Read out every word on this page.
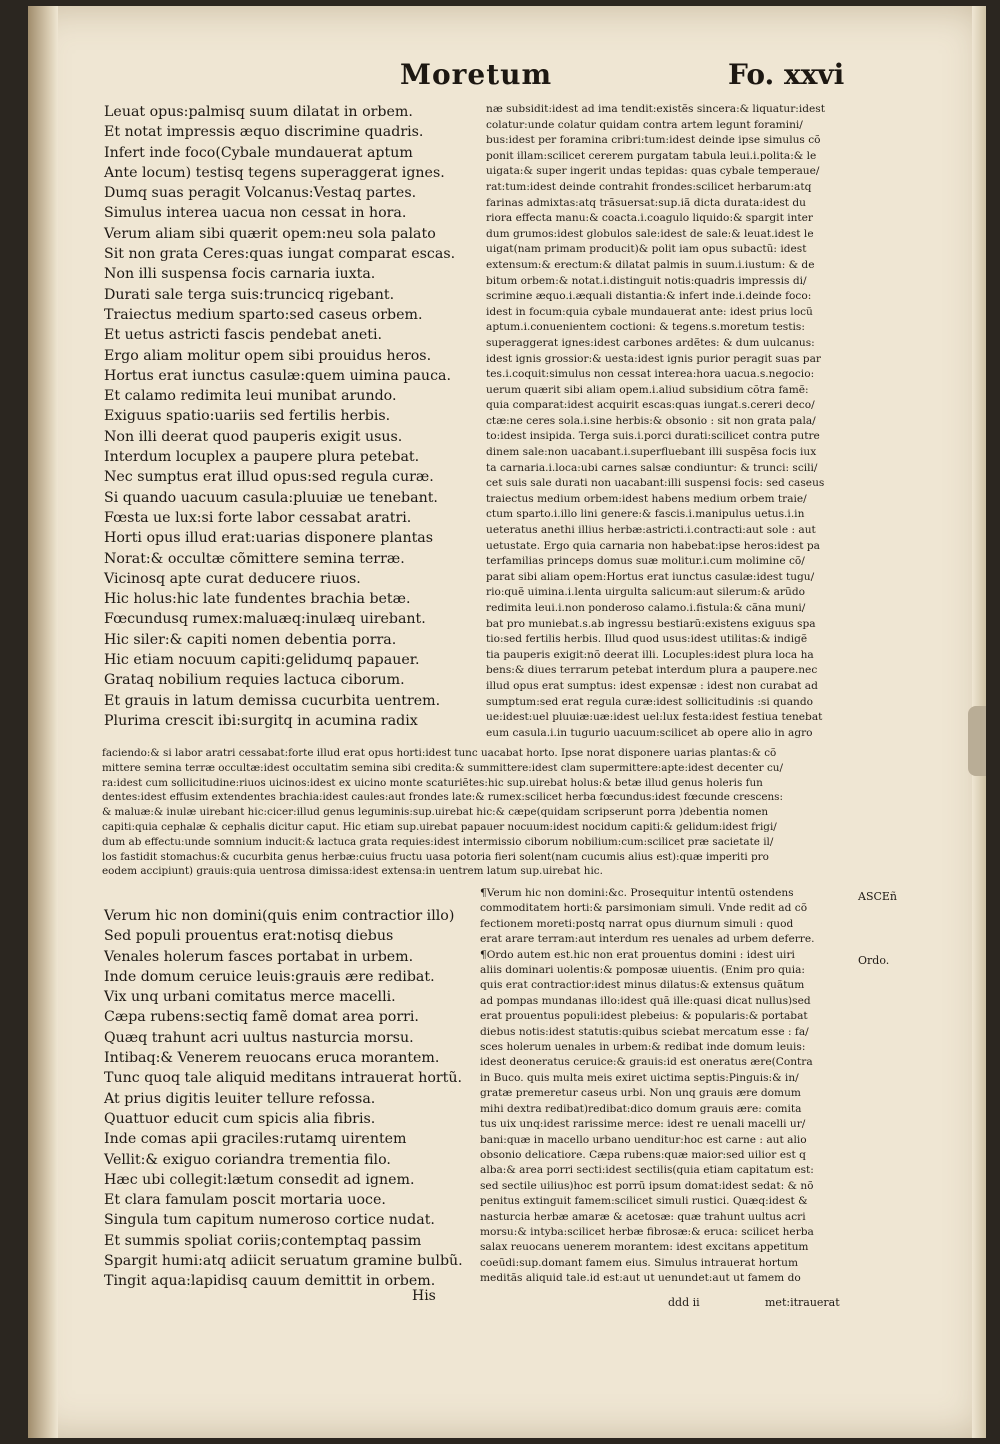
Moretum	Fo. xxvi
Leuat opus:palmisq suum dilatat in orbem.
Et notat impressis æquo discrimine quadris.
Infert inde foco(Cybale mundauerat aptum
Ante locum) testisq tegens superaggerat ignes.
Dumq suas peragit Volcanus:Vestaq partes.
Simulus interea uacua non cessat in hora.
Verum aliam sibi quærit opem:neu sola palato
Sit non grata Ceres:quas iungat comparat escas.
Non illi suspensa focis carnaria iuxta.
Durati sale terga suis:truncicq rigebant.
Traiectus medium sparto:sed caseus orbem.
Et uetus astricti fascis pendebat aneti.
Ergo aliam molitur opem sibi prouidus heros.
Hortus erat iunctus casulæ:quem uimina pauca.
Et calamo redimita leui munibat arundo.
Exiguus spatio:uariis sed fertilis herbis.
Non illi deerat quod pauperis exigit usus.
Interdum locuplex a paupere plura petebat.
Nec sumptus erat illud opus:sed regula curæ.
Si quando uacuum casula:pluuiæ ue tenebant.
Fœsta ue lux:si forte labor cessabat aratri.
Horti opus illud erat:uarias disponere plantas
Norat:& occultæ cõmittere semina terræ.
Vicinosq apte curat deducere riuos.
Hic holus:hic late fundentes brachia betæ.
Fœcundusq rumex:maluæq:inulæq uirebant.
Hic siler:& capiti nomen debentia porra.
Hic etiam nocuum capiti:gelidumq papauer.
Grataq nobilium requies lactuca ciborum.
Et grauis in latum demissa cucurbita uentrem.
Plurima crescit ibi:surgitq in acumina radix
næ subsidit:idest ad ima tendit:existẽs sincera:& liquatur:idest
colatur:unde colatur quidam contra artem legunt foramini/
bus:idest per foramina cribri:tum:idest deinde ipse simulus cõ
ponit illam:scilicet cererem purgatam tabula leui.i.polita:& le
uigata:& super ingerit undas tepidas: quas cybale temperaue/
rat:tum:idest deinde contrahit frondes:scilicet herbarum:atq
farinas admixtas:atq trãsuersat:sup.iã dicta durata:idest du
riora effecta manu:& coacta.i.coagulo liquido:& spargit inter
dum grumos:idest globulos sale:idest de sale:& leuat.idest le
uigat(nam primam producit)& polit iam opus subactũ: idest
extensum:& erectum:& dilatat palmis in suum.i.iustum: & de
bitum orbem:& notat.i.distinguit notis:quadris impressis di/
scrimine æquo.i.æquali distantia:& infert inde.i.deinde foco:
idest in focum:quia cybale mundauerat ante: idest prius locũ
aptum.i.conuenientem coctioni: & tegens.s.moretum testis:
superaggerat ignes:idest carbones ardẽtes: & dum uulcanus:
idest ignis grossior:& uesta:idest ignis purior peragit suas par
tes.i.coquit:simulus non cessat interea:hora uacua.s.negocio:
uerum quærit sibi aliam opem.i.aliud subsidium cõtra famẽ:
quia comparat:idest acquirit escas:quas iungat.s.cereri deco/
ctæ:ne ceres sola.i.sine herbis:& obsonio : sit non grata pala/
to:idest insipida. Terga suis.i.porci durati:scilicet contra putre
dinem sale:non uacabant.i.superfluebant illi suspẽsa focis iux
ta carnaria.i.loca:ubi carnes salsæ condiuntur: & trunci: scili/
cet suis sale durati non uacabant:illi suspensi focis: sed caseus
traiectus medium orbem:idest habens medium orbem traie/
ctum sparto.i.illo lini genere:& fascis.i.manipulus uetus.i.in
ueteratus anethi illius herbæ:astricti.i.contracti:aut sole : aut
uetustate. Ergo quia carnaria non habebat:ipse heros:idest pa
terfamilias princeps domus suæ molitur.i.cum molimine cõ/
parat sibi aliam opem:Hortus erat iunctus casulæ:idest tugu/
rio:quẽ uimina.i.lenta uirgulta salicum:aut silerum:& arũdo
redimita leui.i.non ponderoso calamo.i.fistula:& cãna muni/
bat pro muniebat.s.ab ingressu bestiarũ:existens exiguus spa
tio:sed fertilis herbis. Illud quod usus:idest utilitas:& indigẽ
tia pauperis exigit:nõ deerat illi. Locuples:idest plura loca ha
bens:& diues terrarum petebat interdum plura a paupere.nec
illud opus erat sumptus: idest expensæ : idest non curabat ad
sumptum:sed erat regula curæ:idest sollicitudinis :si quando
ue:idest:uel pluuiæ:uæ:idest uel:lux festa:idest festiua tenebat
eum casula.i.in tugurio uacuum:scilicet ab opere alio in agro
faciendo:& si labor aratri cessabat:forte illud erat opus horti:idest tunc uacabat horto. Ipse norat disponere uarias plantas:& cõ
mittere semina terræ occultæ:idest occultatim semina sibi credita:& summittere:idest clam supermittere:apte:idest decenter cu/
ra:idest cum sollicitudine:riuos uicinos:idest ex uicino monte scaturiẽtes:hic sup.uirebat holus:& betæ illud genus holeris fun
dentes:idest effusim extendentes brachia:idest caules:aut frondes late:& rumex:scilicet herba fœcundus:idest fœcunde crescens:
& maluæ:& inulæ uirebant hic:cicer:illud genus leguminis:sup.uirebat hic:& cæpe(quidam scripserunt porra )debentia nomen
capiti:quia cephalæ & cephalis dicitur caput. Hic etiam sup.uirebat papauer nocuum:idest nocidum capiti:& gelidum:idest frigi/
dum ab effectu:unde somnium inducit:& lactuca grata requies:idest intermissio ciborum nobilium:cum:scilicet præ sacietate il/
los fastidit stomachus:& cucurbita genus herbæ:cuius fructu uasa potoria fieri solent(nam cucumis alius est):quæ imperiti pro
eodem accipiunt) grauis:quia uentrosa dimissa:idest extensa:in uentrem latum sup.uirebat hic.
Verum hic non domini(quis enim contractior illo)
Sed populi prouentus erat:notisq diebus
Venales holerum fasces portabat in urbem.
Inde domum ceruice leuis:grauis ære redibat.
Vix unq urbani comitatus merce macelli.
Cæpa rubens:sectiq famẽ domat area porri.
Quæq trahunt acri uultus nasturcia morsu.
Intibaq:& Venerem reuocans eruca morantem.
Tunc quoq tale aliquid meditans intrauerat hortũ.
At prius digitis leuiter tellure refossa.
Quattuor educit cum spicis alia fibris.
Inde comas apii graciles:rutamq uirentem
Vellit:& exiguo coriandra trementia filo.
Hæc ubi collegit:lætum consedit ad ignem.
Et clara famulam poscit mortaria uoce.
Singula tum capitum numeroso cortice nudat.
Et summis spoliat coriis;contemptaq passim
Spargit humi:atq adiicit seruatum gramine bulbũ.
Tingit aqua:lapidisq cauum demittit in orbem.
¶Verum hic non domini:&c. Prosequitur intentũ ostendens
commoditatem horti:& parsimoniam simuli. Vnde redit ad cõ
fectionem moreti:postq narrat opus diurnum simuli : quod
erat arare terram:aut interdum res uenales ad urbem deferre.
¶Ordo autem est.hic non erat prouentus domini : idest uiri
aliis dominari uolentis:& pomposæ uiuentis. (Enim pro quia:
quis erat contractior:idest minus dilatus:& extensus quãtum
ad pompas mundanas illo:idest quã ille:quasi dicat nullus)sed
erat prouentus populi:idest plebeius: & popularis:& portabat
diebus notis:idest statutis:quibus sciebat mercatum esse : fa/
sces holerum uenales in urbem:& redibat inde domum leuis:
idest deoneratus ceruice:& grauis:id est oneratus ære(Contra
in Buco. quis multa meis exiret uictima septis:Pinguis:& in/
gratæ premeretur caseus urbi. Non unq grauis ære domum
mihi dextra redibat)redibat:dico domum grauis ære: comita
tus uix unq:idest rarissime merce: idest re uenali macelli ur/
bani:quæ in macello urbano uenditur:hoc est carne : aut alio
obsonio delicatiore. Cæpa rubens:quæ maior:sed uilior est q
alba:& area porri secti:idest sectilis(quia etiam capitatum est:
sed sectile uilius)hoc est porrũ ipsum domat:idest sedat: & nõ
penitus extinguit famem:scilicet simuli rustici. Quæq:idest &
nasturcia herbæ amaræ & acetosæ: quæ trahunt uultus acri
morsu:& intyba:scilicet herbæ fibrosæ:& eruca: scilicet herba
salax reuocans uenerem morantem: idest excitans appetitum
coeũdi:sup.domant famem eius. Simulus intrauerat hortum
meditãs aliquid tale.id est:aut ut uenundet:aut ut famem do
ASCEñ
Ordo.
His	ddd ii	met:itrauerat
